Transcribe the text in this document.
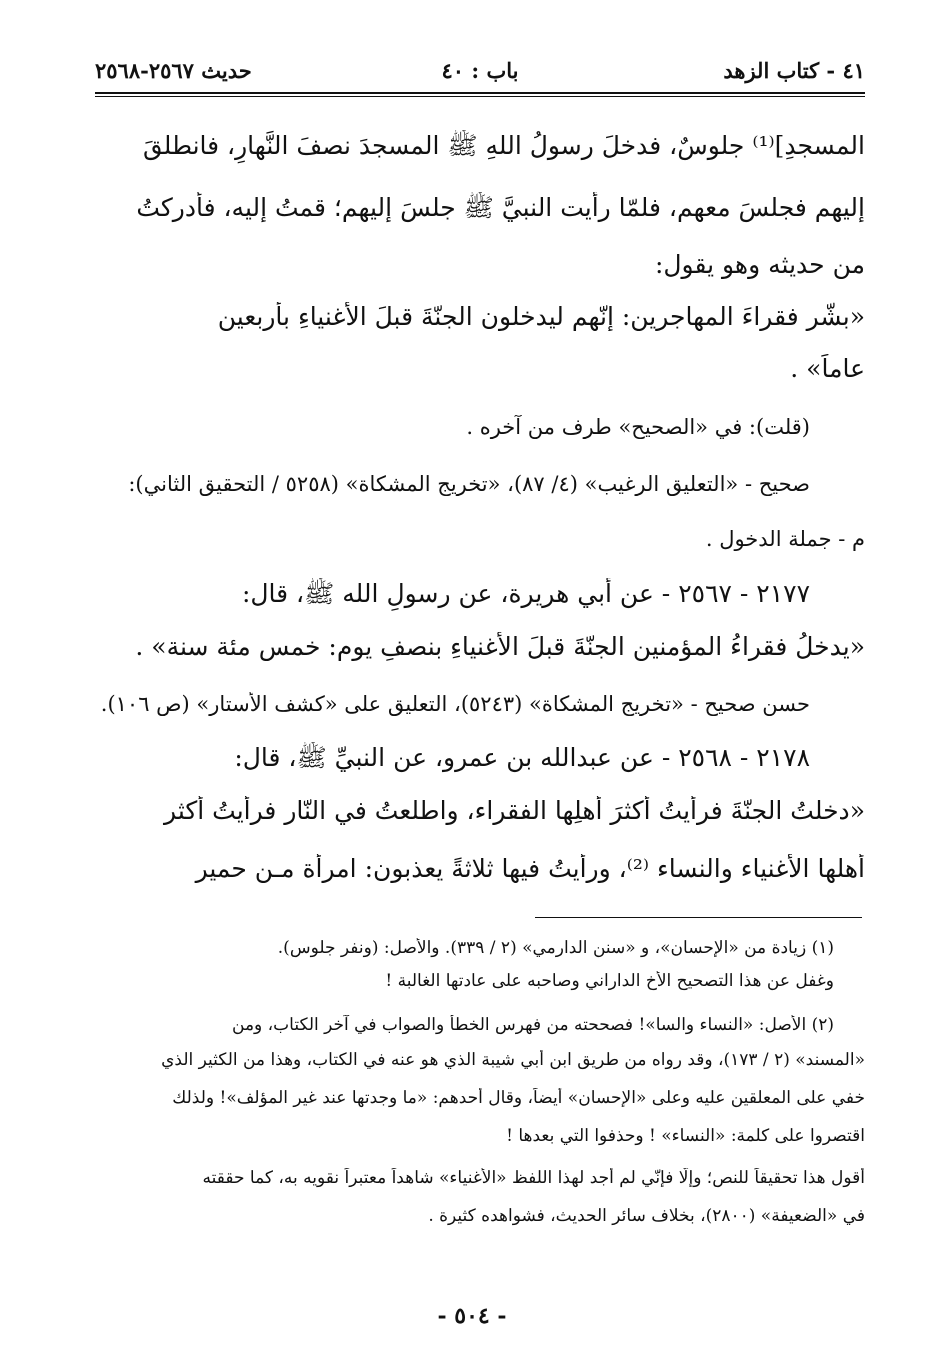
٤١ - كتاب الزهد
باب : ٤٠
حديث ٢٥٦٧-٢٥٦٨
المسجدِ]⁽¹⁾ جلوسٌ، فدخلَ رسولُ اللهِ ﷺ المسجدَ نصفَ النَّهارِ، فانطلقَ
إليهم فجلسَ معهم، فلمّا رأيت النبيَّ ﷺ جلسَ إليهم؛ قمتُ إليه، فأدركتُ
من حديثه وهو يقول:
«بشّر فقراءَ المهاجرين: إنّهم ليدخلون الجنّةَ قبلَ الأغنياءِ بأربعين
عاماً» .
(قلت): في «الصحيح» طرف من آخره .
صحيح - «التعليق الرغيب» (٤/ ٨٧)، «تخريج المشكاة» (٥٢٥٨ / التحقيق الثاني):
م - جملة الدخول .
٢١٧٧ - ٢٥٦٧ - عن أبي هريرة، عن رسولِ الله ﷺ، قال:
«يدخلُ فقراءُ المؤمنين الجنّةَ قبلَ الأغنياءِ بنصفِ يوم: خمس مئة سنة» .
حسن صحيح - «تخريج المشكاة» (٥٢٤٣)، التعليق على «كشف الأستار» (ص ١٠٦).
٢١٧٨ - ٢٥٦٨ - عن عبدالله بن عمرو، عن النبيِّ ﷺ، قال:
«دخلتُ الجنّةَ فرأيتُ أكثرَ أهلِها الفقراء، واطلعتُ في النّارِ فرأيتُ أكثر
أهلها الأغنياء والنساء ⁽²⁾، ورأيتُ فيها ثلاثةً يعذبون: امرأة مـن حمير
(١) زيادة من «الإحسان»، و «سنن الدارمي» (٢ / ٣٣٩). والأصل: (ونفر جلوس).
وغفل عن هذا التصحيح الأخ الداراني وصاحبه على عادتها الغالبة !
(٢) الأصل: «النساء والسا»! فصححته من فهرس الخطأ والصواب في آخر الكتاب، ومن
«المسند» (٢ / ١٧٣)، وقد رواه من طريق ابن أبي شيبة الذي هو عنه في الكتاب، وهذا من الكثير الذي
خفي على المعلقين عليه وعلى «الإحسان» أيضاً، وقال أحدهم: «ما وجدتها عند غير المؤلف»! ولذلك
اقتصروا على كلمة: «النساء» ! وحذفوا التي بعدها !
أقول هذا تحقيقاً للنص؛ وإلّا فإنّي لم أجد لهذا اللفظ «الأغنياء» شاهداً معتبراً نقويه به، كما حققته
في «الضعيفة» (٢٨٠٠)، بخلاف سائر الحديث، فشواهده كثيرة .
- ٥٠٤ -
